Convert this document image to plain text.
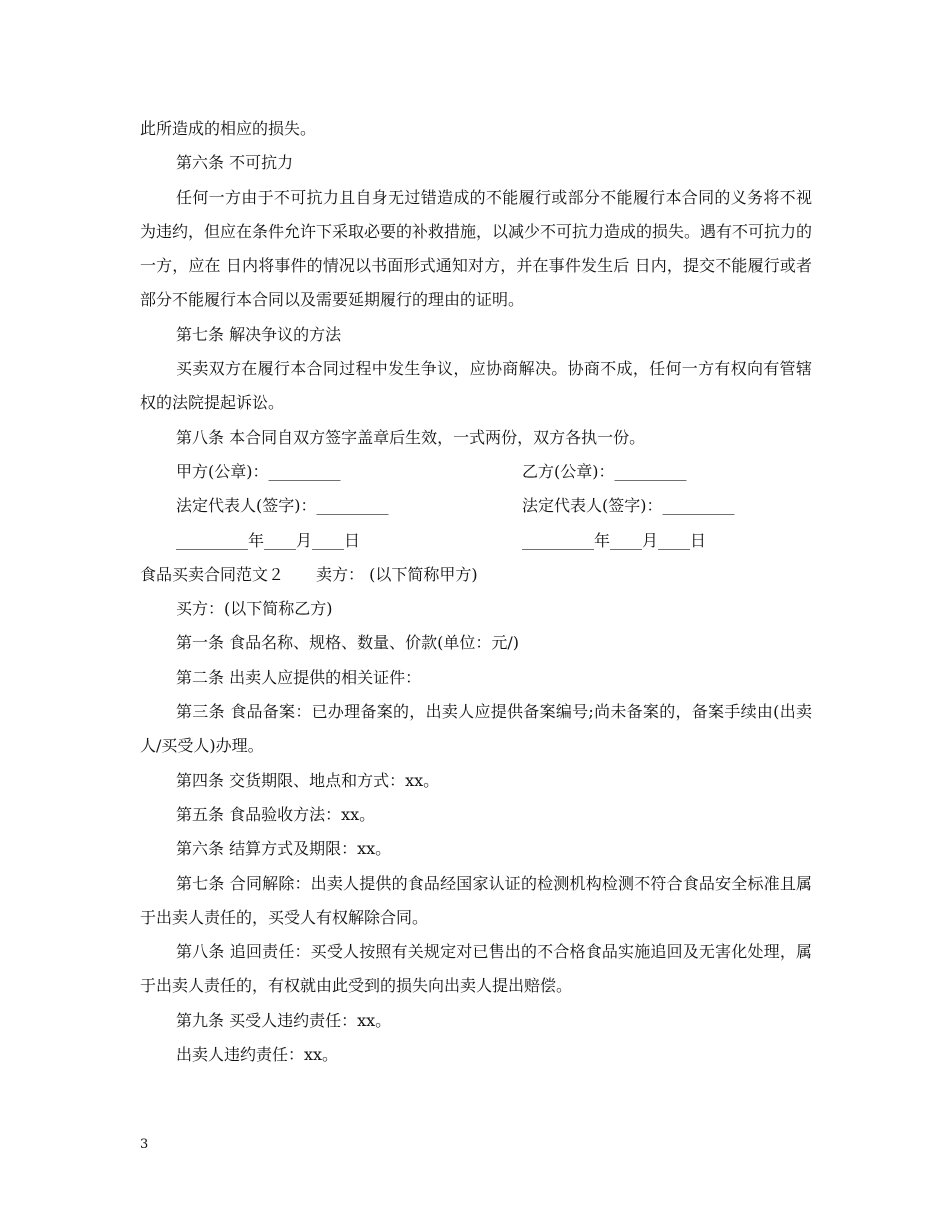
此所造成的相应的损失。

第六条 不可抗力

任何一方由于不可抗力且自身无过错造成的不能履行或部分不能履行本合同的义务将不视为违约，但应在条件允许下采取必要的补救措施，以减少不可抗力造成的损失。遇有不可抗力的一方，应在 日内将事件的情况以书面形式通知对方，并在事件发生后 日内，提交不能履行或者部分不能履行本合同以及需要延期履行的理由的证明。

第七条 解决争议的方法

买卖双方在履行本合同过程中发生争议，应协商解决。协商不成，任何一方有权向有管辖权的法院提起诉讼。

第八条 本合同自双方签字盖章后生效，一式两份，双方各执一份。

甲方(公章)：_________	乙方(公章)：_________
法定代表人(签字)：_________	法定代表人(签字)：_________
_________年____月____日	_________年____月____日

食品买卖合同范文２ 卖方： (以下简称甲方)

买方：(以下简称乙方)

第一条 食品名称、规格、数量、价款(单位：元/)

第二条 出卖人应提供的相关证件：

第三条 食品备案：已办理备案的，出卖人应提供备案编号;尚未备案的，备案手续由(出卖人/买受人)办理。

第四条 交货期限、地点和方式：xx。

第五条 食品验收方法：xx。

第六条 结算方式及期限：xx。

第七条 合同解除：出卖人提供的食品经国家认证的检测机构检测不符合食品安全标准且属于出卖人责任的，买受人有权解除合同。

第八条 追回责任：买受人按照有关规定对已售出的不合格食品实施追回及无害化处理，属于出卖人责任的，有权就由此受到的损失向出卖人提出赔偿。

第九条 买受人违约责任：xx。

出卖人违约责任：xx。

3
